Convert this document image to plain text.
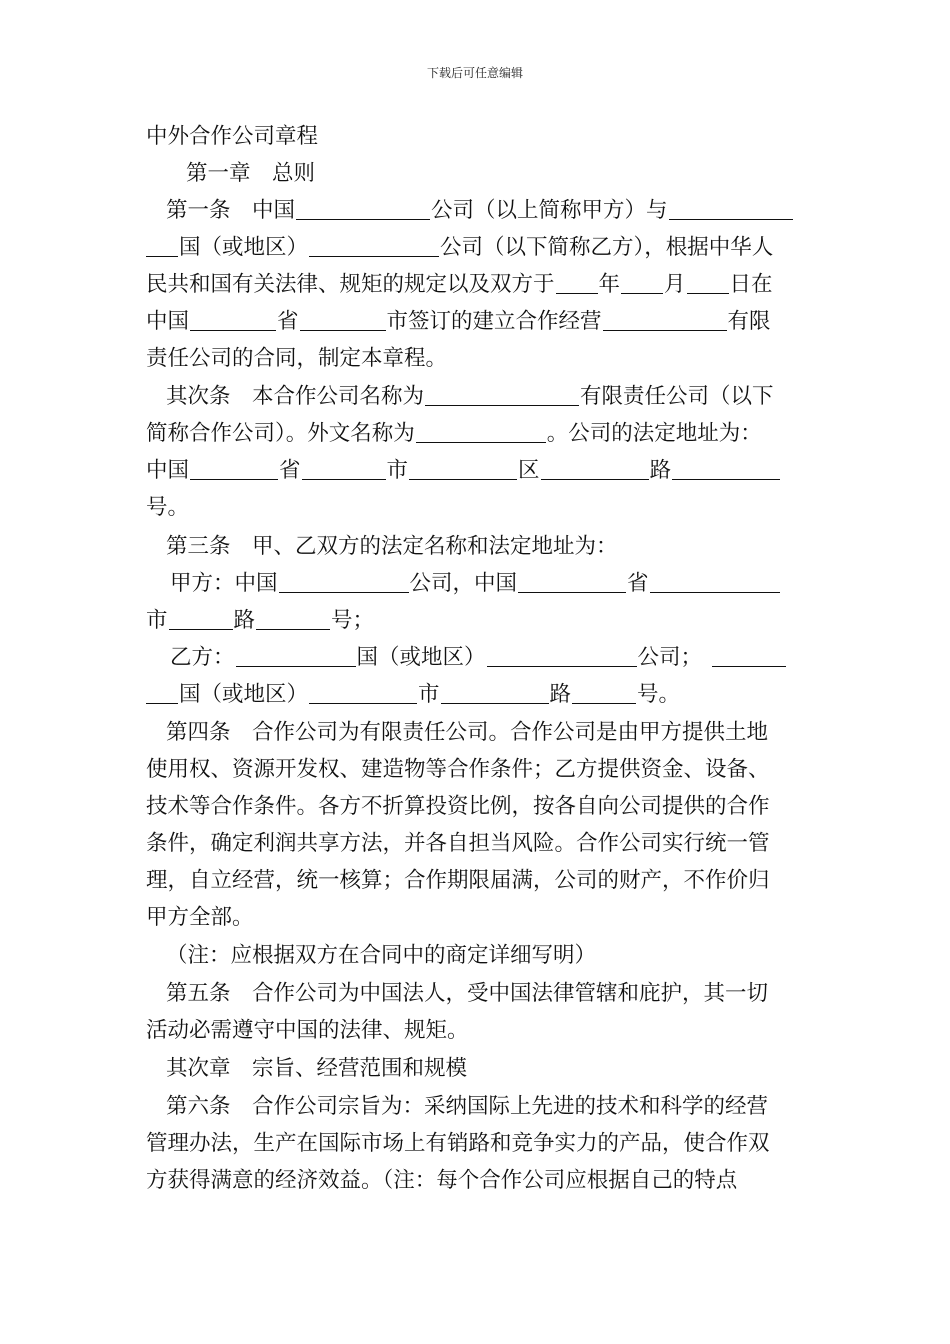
下载后可任意编辑
中外合作公司章程
第一章　总则
第一条　中国	公司（以上简称甲方）与
国（或地区）	公司（以下简称乙方），根据中华人
民共和国有关法律、规矩的规定以及双方于 年 月 日在
中国	省	市签订的建立合作经营	有限
责任公司的合同，制定本章程。
其次条　本合作公司名称为	有限责任公司（以下
简称合作公司）。外文名称为	。公司的法定地址为：
中国	省	市	区	路
号。
第三条　甲、乙双方的法定名称和法定地址为：
甲方：中国	公司，中国	省
市	路	号；
乙方：	国（或地区）	公司；
国（或地区）	市	路	号。
第四条　合作公司为有限责任公司。合作公司是由甲方提供土地
使用权、资源开发权、建造物等合作条件；乙方提供资金、设备、
技术等合作条件。各方不折算投资比例，按各自向公司提供的合作
条件，确定利润共享方法，并各自担当风险。合作公司实行统一管
理，自立经营，统一核算；合作期限届满，公司的财产，不作价归
甲方全部。
（注：应根据双方在合同中的商定详细写明）
第五条　合作公司为中国法人，受中国法律管辖和庇护，其一切
活动必需遵守中国的法律、规矩。
其次章　宗旨、经营范围和规模
第六条　合作公司宗旨为：采纳国际上先进的技术和科学的经营
管理办法，生产在国际市场上有销路和竞争实力的产品，使合作双
方获得满意的经济效益。（注：每个合作公司应根据自己的特点
